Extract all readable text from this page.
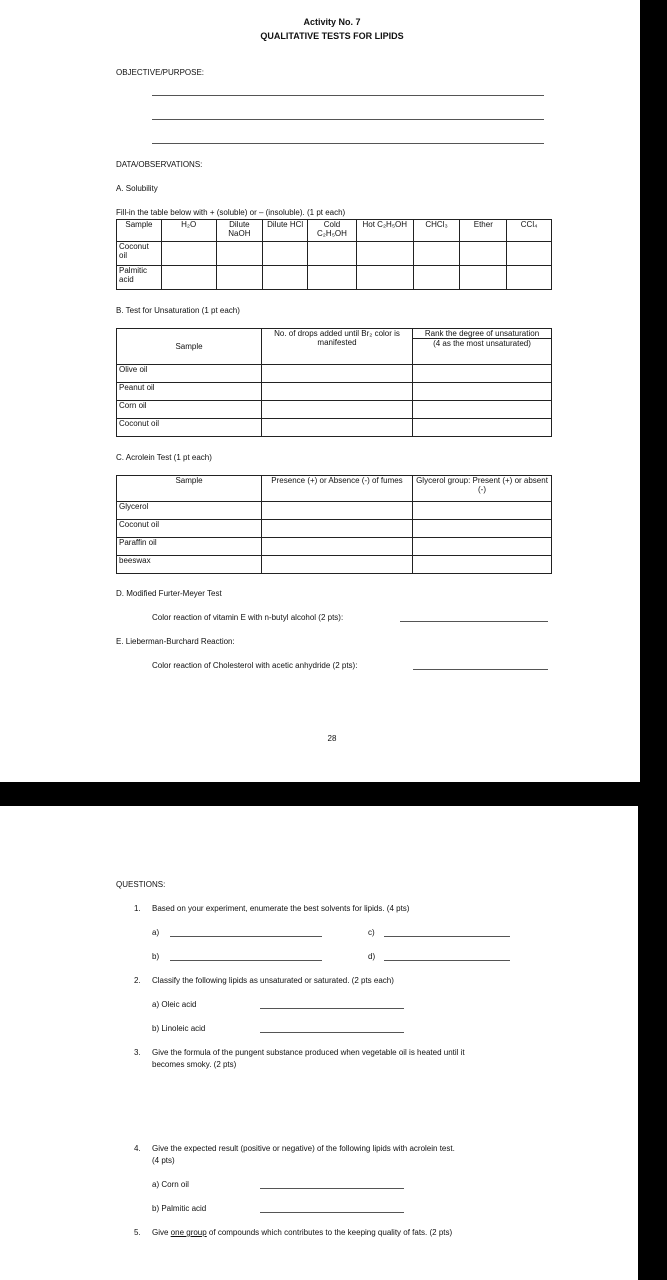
Activity No. 7
QUALITATIVE TESTS FOR LIPIDS
OBJECTIVE/PURPOSE:
DATA/OBSERVATIONS:
A. Solubility
Fill-in the table below with + (soluble) or – (insoluble). (1 pt each)
Sample	H₂O	Dilute NaOH	Dilute HCl	Cold C₂H₅OH	Hot C₂H₅OH	CHCl₃	Ether	CCl₄
Coconut oil								
Palmitic acid								
B. Test for Unsaturation (1 pt each)
Sample	No. of drops added until Br₂ color is manifested	Rank the degree of unsaturation
(4 as the most unsaturated)

Olive oil		
Peanut oil		
Corn oil		
Coconut oil		
C. Acrolein Test (1 pt each)
Sample	Presence (+) or Absence (-) of fumes	Glycerol group: Present (+) or absent (-)
Glycerol		
Coconut oil		
Paraffin oil		
beeswax		
D. Modified Furter-Meyer Test
Color reaction of vitamin E with n-butyl alcohol (2 pts):
E. Lieberman-Burchard Reaction:
Color reaction of Cholesterol with acetic anhydride (2 pts):
28
QUESTIONS:
1. Based on your experiment, enumerate the best solvents for lipids. (4 pts)
a)	c)
b)	d)
2. Classify the following lipids as unsaturated or saturated. (2 pts each)
a) Oleic acid
b) Linoleic acid
3. Give the formula of the pungent substance produced when vegetable oil is heated until it
becomes smoky. (2 pts)
4. Give the expected result (positive or negative) of the following lipids with acrolein test.
(4 pts)
a) Corn oil
b) Palmitic acid
5. Give one group of compounds which contributes to the keeping quality of fats. (2 pts)
